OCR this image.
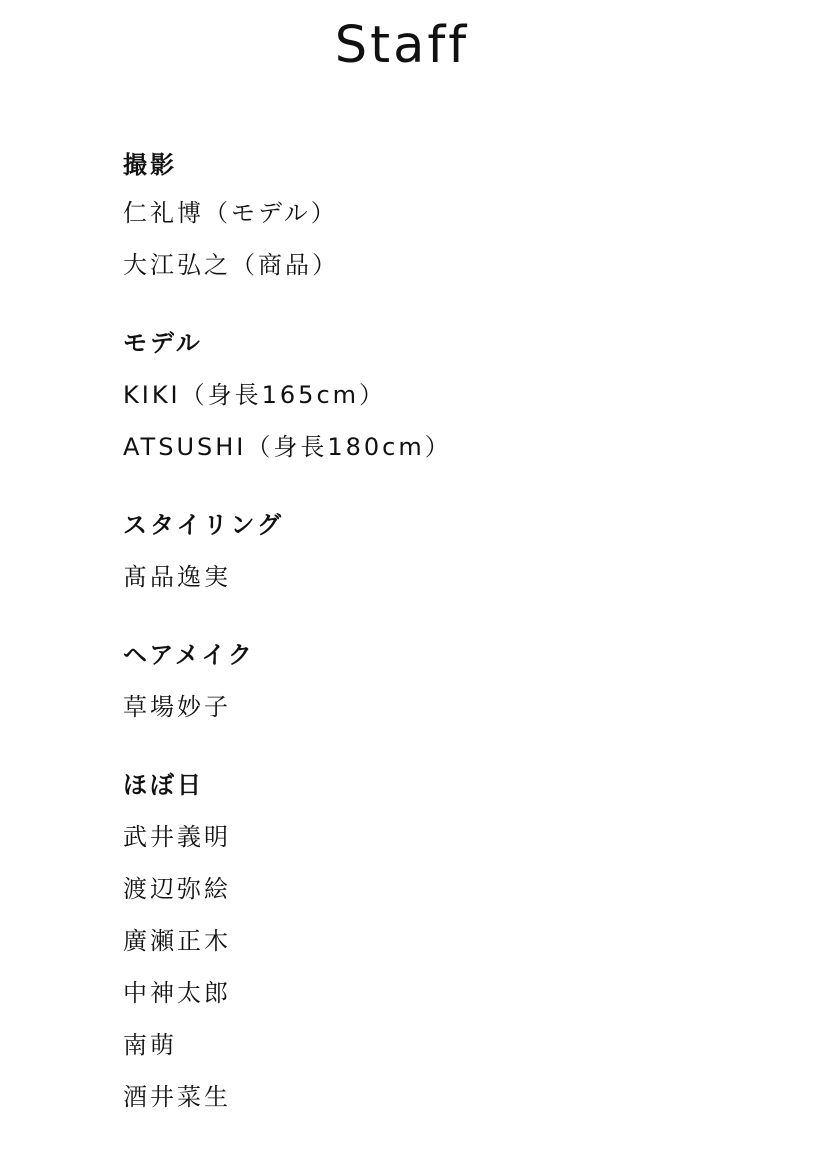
Staff
撮影
仁礼博（モデル）
大江弘之（商品）
モデル
KIKI（身長165cm）
ATSUSHI（身長180cm）
スタイリング
髙品逸実
ヘアメイク
草場妙子
ほぼ日
武井義明
渡辺弥絵
廣瀬正木
中神太郎
南萌
酒井菜生
